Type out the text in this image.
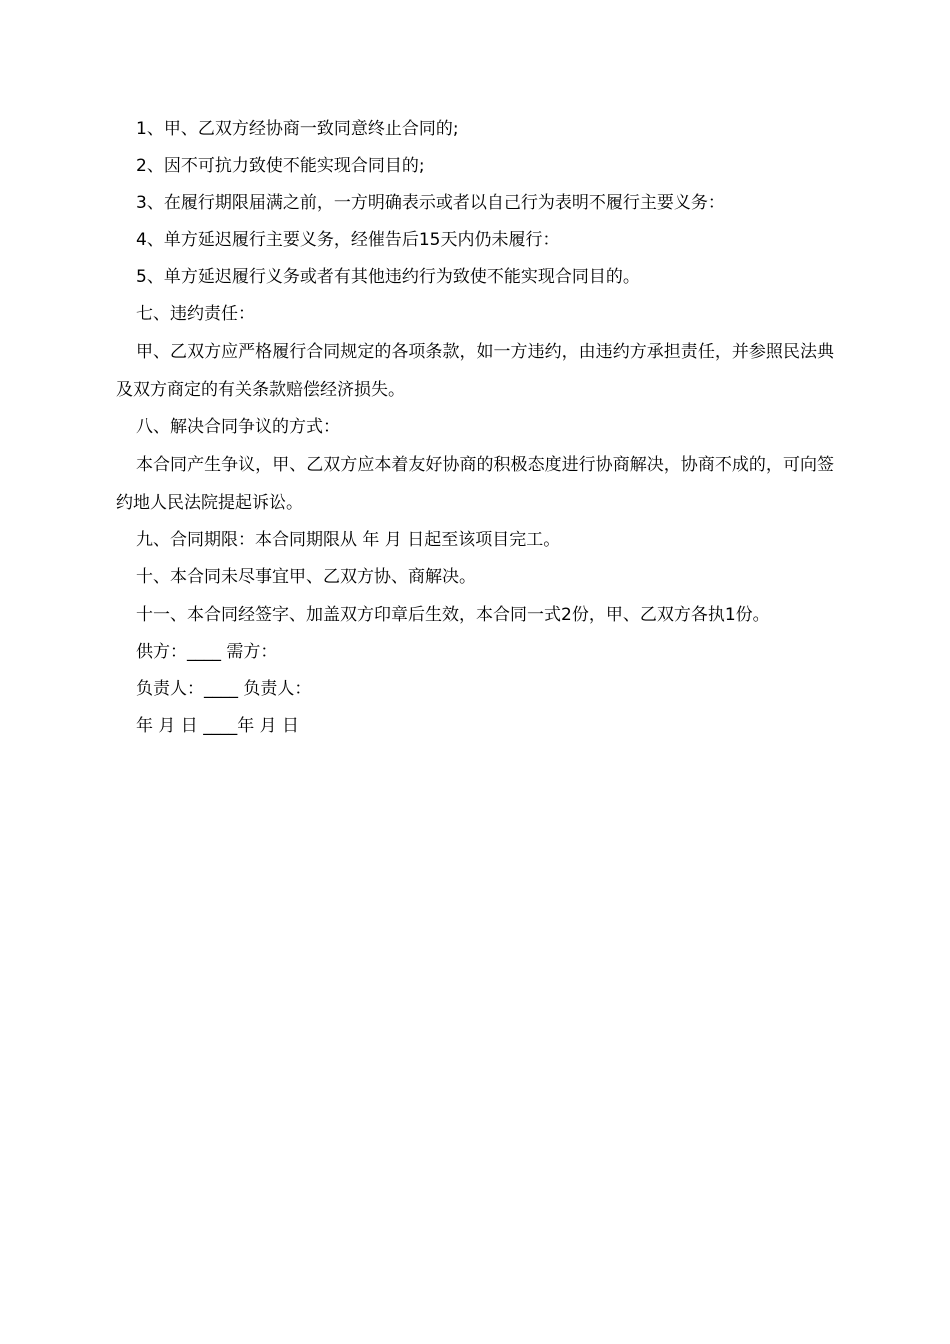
1、甲、乙双方经协商一致同意终止合同的;

2、因不可抗力致使不能实现合同目的;

3、在履行期限届满之前，一方明确表示或者以自己行为表明不履行主要义务：

4、单方延迟履行主要义务，经催告后15天内仍未履行：

5、单方延迟履行义务或者有其他违约行为致使不能实现合同目的。

七、违约责任：

甲、乙双方应严格履行合同规定的各项条款，如一方违约，由违约方承担责任，并参照民法典及双方商定的有关条款赔偿经济损失。

八、解决合同争议的方式：

本合同产生争议，甲、乙双方应本着友好协商的积极态度进行协商解决，协商不成的，可向签约地人民法院提起诉讼。

九、合同期限：本合同期限从 年 月 日起至该项目完工。

十、本合同未尽事宜甲、乙双方协、商解决。

十一、本合同经签字、加盖双方印章后生效，本合同一式2份，甲、乙双方各执1份。

供方：____ 需方：

负责人：____ 负责人：

年 月 日 ____年 月 日
